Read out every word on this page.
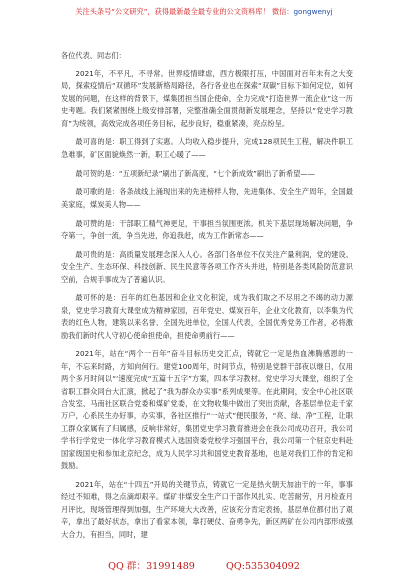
关注头条号“公文研究”，获得最新最全最专业的公文资料库！ 微信：gongwenyj

各位代表、同志们：

2021年，不平凡，不寻常。世界疫情肆虐，西方极限打压，中国面对百年未有之大变局，探索疫情后“双循环”发展新格局路径，各行各业也在探索“双碳”目标下如何定位，如何发展的问题，在这样的背景下，煤集团担当国企使命，全力完成“打造世界一流企业”这一历史考题。我们紧紧围绕上级安排部署，完整准确全面贯彻新发展理念，坚持以“党史学习教育”为统领，高效完成各项任务目标，起步良好，稳重紧凑，亮点纷呈。

最可喜的是：职工得到了实惠。人均收入稳步提升，完成128项民生工程，解决件职工急难事，矿区面貌焕然一新，职工心暖了——

最可贺的是：“五项新纪录”刷出了新高度，“七个新成效”刷出了新希望——

最可歌的是：各条战线上涌现出来的先进榜样人物，先进集体、安全生产周年，全国最美家庭，煤炭美人物——

最可赞的是：干部职工精气神更足，干事担当氛围更浓。机关下基层现场解决问题，争夺第一，争创一流，争当先进，你追我赶，成为工作新常态——

最可贵的是：高质量发展理念深入人心。各部门各单位不仅关注产量利润，党的建设、安全生产、生态环保、科技创新、民生民意等各项工作齐头并进，特别是各类风险防范意识空前，合规手事成为了普遍认识。

最可怀的是：百年的红色基因和企业文化积淀，成为我们取之不尽用之不竭的动力源泉，党史学习教育大课堂成为精神家园，百年党史、煤炭百年，企业文化教育，以李集为代表的红色人物，建筑以来名誉、全国先进单位，全国人代表，全国优秀党务工作者，必将激励我们新时代人守初心使命担使命，担使命勇前行——

2021年，站在“两个一百年”奋斗目标历史交汇点，铸就它一定是热血沸腾感恩的一年，不忘来时路，方知向何行。建党100周年，时间节点，特别是党群干部夜以继日，仅用两个多月时间以“‘速度完成“五篇十五字”方案，四本学习教材。党史学习大课堂，组织了全省职工群众同台大汇演，掀起了“我为群众办实事”系列成果等。在此期间，安全中心社区联合发室、马南社区联合党委和煤矿党委，在文物收集中做出了突出贡献，各基层单位走千家万户，心系民生办好事，办实事，各社区推行“一站式”便民服务，“亮、绿、净”工程，让职工群众家属有了归属感，反响非常好，集团党史学习教育推进会在我公司成功召开，我公司学书行学党史一体化学习教育模式入选国资委党校学习强国平台，我公司第一个驻京史料赴国家级国史和参加北京纪念，成为人民学习共和国党史教育基地，也是对我们工作的肯定和鼓励。

2021年，站在“十四五”开局的关键节点，铸就它一定是热火朝天加油干的一年，事事经过不知难，得之点滴却艰辛。煤矿非煤安全生产口干部作风扎实、吃苦耐劳，月月检查月月评比，现场管理得到加强，生产环境大大改善，应该充分肯定表扬，基层单位都付出了艰辛，拿出了最好状态，拿出了看家本领，靠打硬仗、奋勇争先，新区两矿在公司内部形成强大合力，有担当，同时，建

QQ 群：31991489	QQ:535304092
